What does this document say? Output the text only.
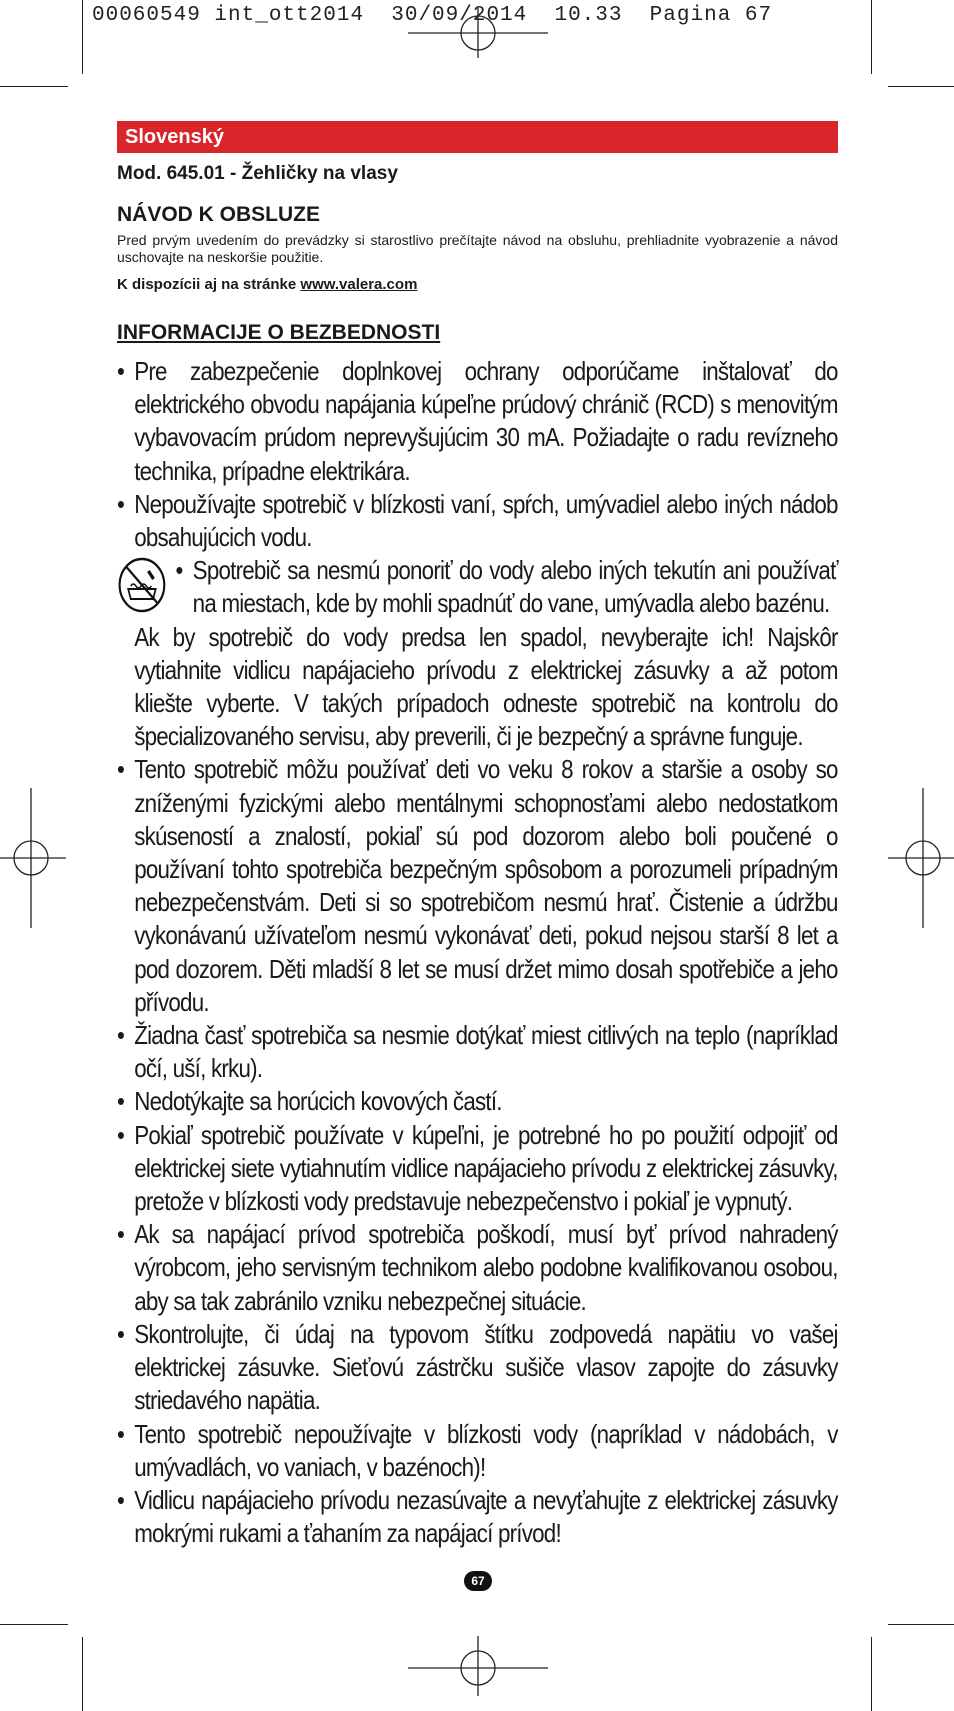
00060549 int_ott2014  30/09/2014  10.33  Pagina 67
Slovenský
Mod. 645.01 - Žehličky na vlasy
NÁVOD K OBSLUZE
Pred prvým uvedením do prevádzky si starostlivo prečítajte návod na obsluhu, prehliadnite vyobrazenie a návod uschovajte na neskoršie použitie.
K dispozícii aj na stránke www.valera.com
INFORMACIJE O BEZBEDNOSTI
• Pre zabezpečenie doplnkovej ochrany odporúčame inštalovať do elektrického obvodu napájania kúpeľne prúdový chránič (RCD) s menovitým vybavovacím prúdom neprevyšujúcim 30 mA. Požiadajte o radu revízneho technika, prípadne elektrikára.
• Nepoužívajte spotrebič v blízkosti vaní, spŕch, umývadiel alebo iných nádob obsahujúcich vodu.
• Spotrebič sa nesmú ponoriť do vody alebo iných tekutín ani používať na miestach, kde by mohli spadnúť do vane, umývadla alebo bazénu.
Ak by spotrebič do vody predsa len spadol, nevyberajte ich! Najskôr vytiahnite vidlicu napájacieho prívodu z elektrickej zásuvky a až potom kliešte vyberte. V takých prípadoch odneste spotrebič na kontrolu do špecializovaného servisu, aby preverili, či je bezpečný a správne funguje.
• Tento spotrebič môžu používať deti vo veku 8 rokov a staršie a osoby so zníženými fyzickými alebo mentálnymi schopnosťami alebo nedostatkom skúseností a znalostí, pokiaľ sú pod dozorom alebo boli poučené o používaní tohto spotrebiča bezpečným spôsobom a porozumeli prípadným nebezpečenstvám. Deti si so spotrebičom nesmú hrať. Čistenie a údržbu vykonávanú užívateľom nesmú vykonávať deti, pokud nejsou starší 8 let a pod dozorem. Děti mladší 8 let se musí držet mimo dosah spotřebiče a jeho přívodu.
• Žiadna časť spotrebiča sa nesmie dotýkať miest citlivých na teplo (napríklad očí, uší, krku).
• Nedotýkajte sa horúcich kovových častí.
• Pokiaľ spotrebič používate v kúpeľni, je potrebné ho po použití odpojiť od elektrickej siete vytiahnutím vidlice napájacieho prívodu z elektrickej zásuvky, pretože v blízkosti vody predstavuje nebezpečenstvo i pokiaľ je vypnutý.
• Ak sa napájací prívod spotrebiča poškodí, musí byť prívod nahradený výrobcom, jeho servisným technikom alebo podobne kvalifikovanou osobou, aby sa tak zabránilo vzniku nebezpečnej situácie.
• Skontrolujte, či údaj na typovom štítku zodpovedá napätiu vo vašej elektrickej zásuvke. Sieťovú zástrčku sušiče vlasov zapojte do zásuvky striedavého napätia.
• Tento spotrebič nepoužívajte v blízkosti vody (napríklad v nádobách, v umývadlách, vo vaniach, v bazénoch)!
• Vidlicu napájacieho prívodu nezasúvajte a nevyťahujte z elektrickej zásuvky mokrými rukami a ťahaním za napájací prívod!
67
